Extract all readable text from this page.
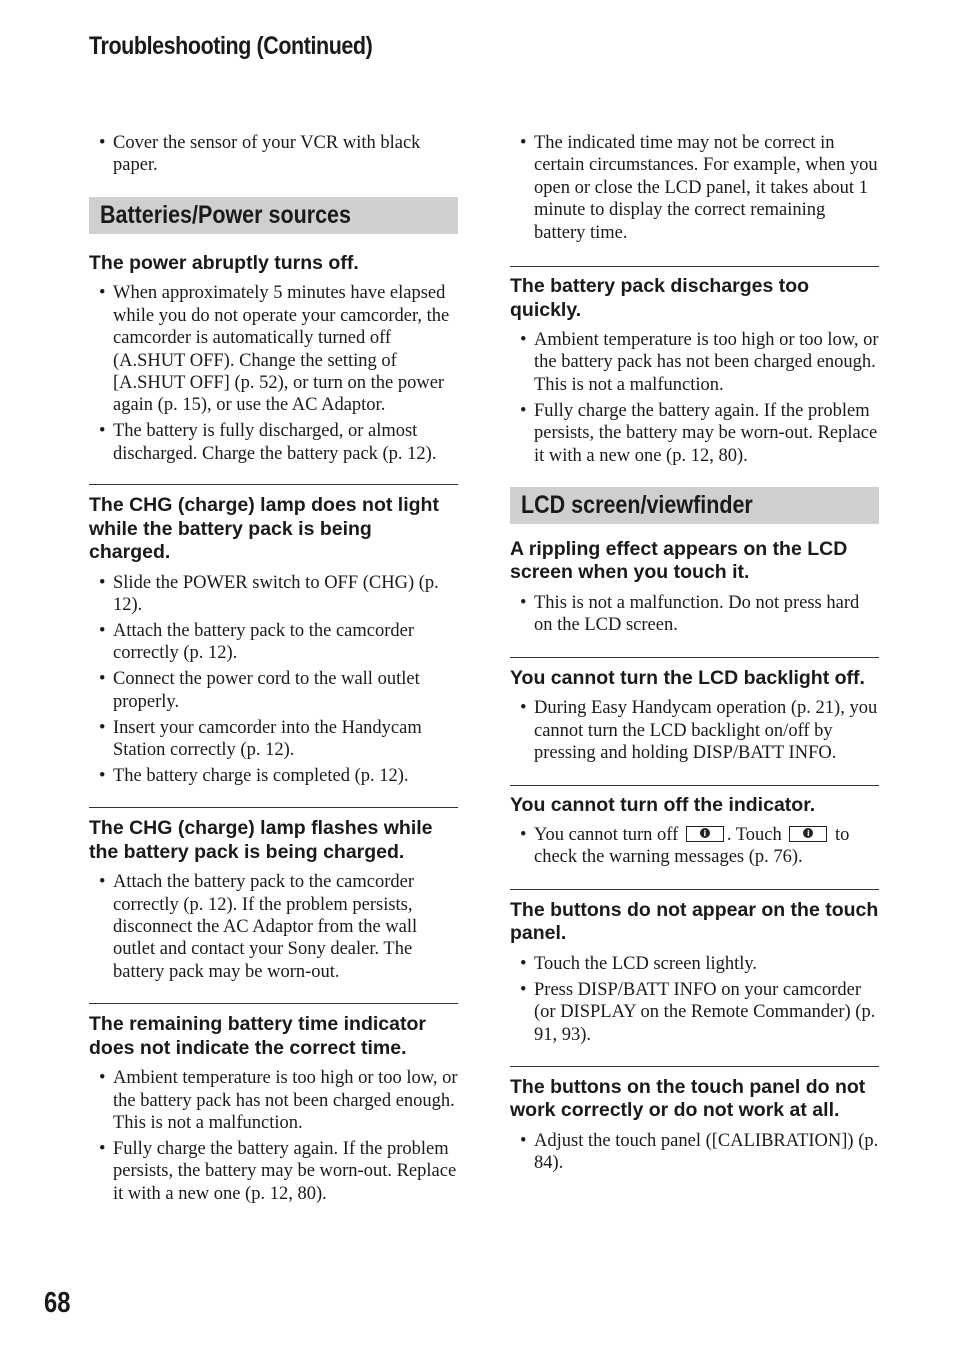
Troubleshooting (Continued)
• Cover the sensor of your VCR with black paper.
Batteries/Power sources
The power abruptly turns off.
• When approximately 5 minutes have elapsed while you do not operate your camcorder, the camcorder is automatically turned off (A.SHUT OFF). Change the setting of [A.SHUT OFF] (p. 52), or turn on the power again (p. 15), or use the AC Adaptor.
• The battery is fully discharged, or almost discharged. Charge the battery pack (p. 12).
The CHG (charge) lamp does not light while the battery pack is being charged.
• Slide the POWER switch to OFF (CHG) (p. 12).
• Attach the battery pack to the camcorder correctly (p. 12).
• Connect the power cord to the wall outlet properly.
• Insert your camcorder into the Handycam Station correctly (p. 12).
• The battery charge is completed (p. 12).
The CHG (charge) lamp flashes while the battery pack is being charged.
• Attach the battery pack to the camcorder correctly (p. 12). If the problem persists, disconnect the AC Adaptor from the wall outlet and contact your Sony dealer. The battery pack may be worn-out.
The remaining battery time indicator does not indicate the correct time.
• Ambient temperature is too high or too low, or the battery pack has not been charged enough. This is not a malfunction.
• Fully charge the battery again. If the problem persists, the battery may be worn-out. Replace it with a new one (p. 12, 80).
• The indicated time may not be correct in certain circumstances. For example, when you open or close the LCD panel, it takes about 1 minute to display the correct remaining battery time.
The battery pack discharges too quickly.
• Ambient temperature is too high or too low, or the battery pack has not been charged enough. This is not a malfunction.
• Fully charge the battery again. If the problem persists, the battery may be worn-out. Replace it with a new one (p. 12, 80).
LCD screen/viewfinder
A rippling effect appears on the LCD screen when you touch it.
• This is not a malfunction. Do not press hard on the LCD screen.
You cannot turn the LCD backlight off.
• During Easy Handycam operation (p. 21), you cannot turn the LCD backlight on/off by pressing and holding DISP/BATT INFO.
You cannot turn off the indicator.
• You cannot turn off i	. Touch i	to check the warning messages (p. 76).
The buttons do not appear on the touch panel.
• Touch the LCD screen lightly.
• Press DISP/BATT INFO on your camcorder (or DISPLAY on the Remote Commander) (p. 91, 93).
The buttons on the touch panel do not work correctly or do not work at all.
• Adjust the touch panel ([CALIBRATION]) (p. 84).
68
